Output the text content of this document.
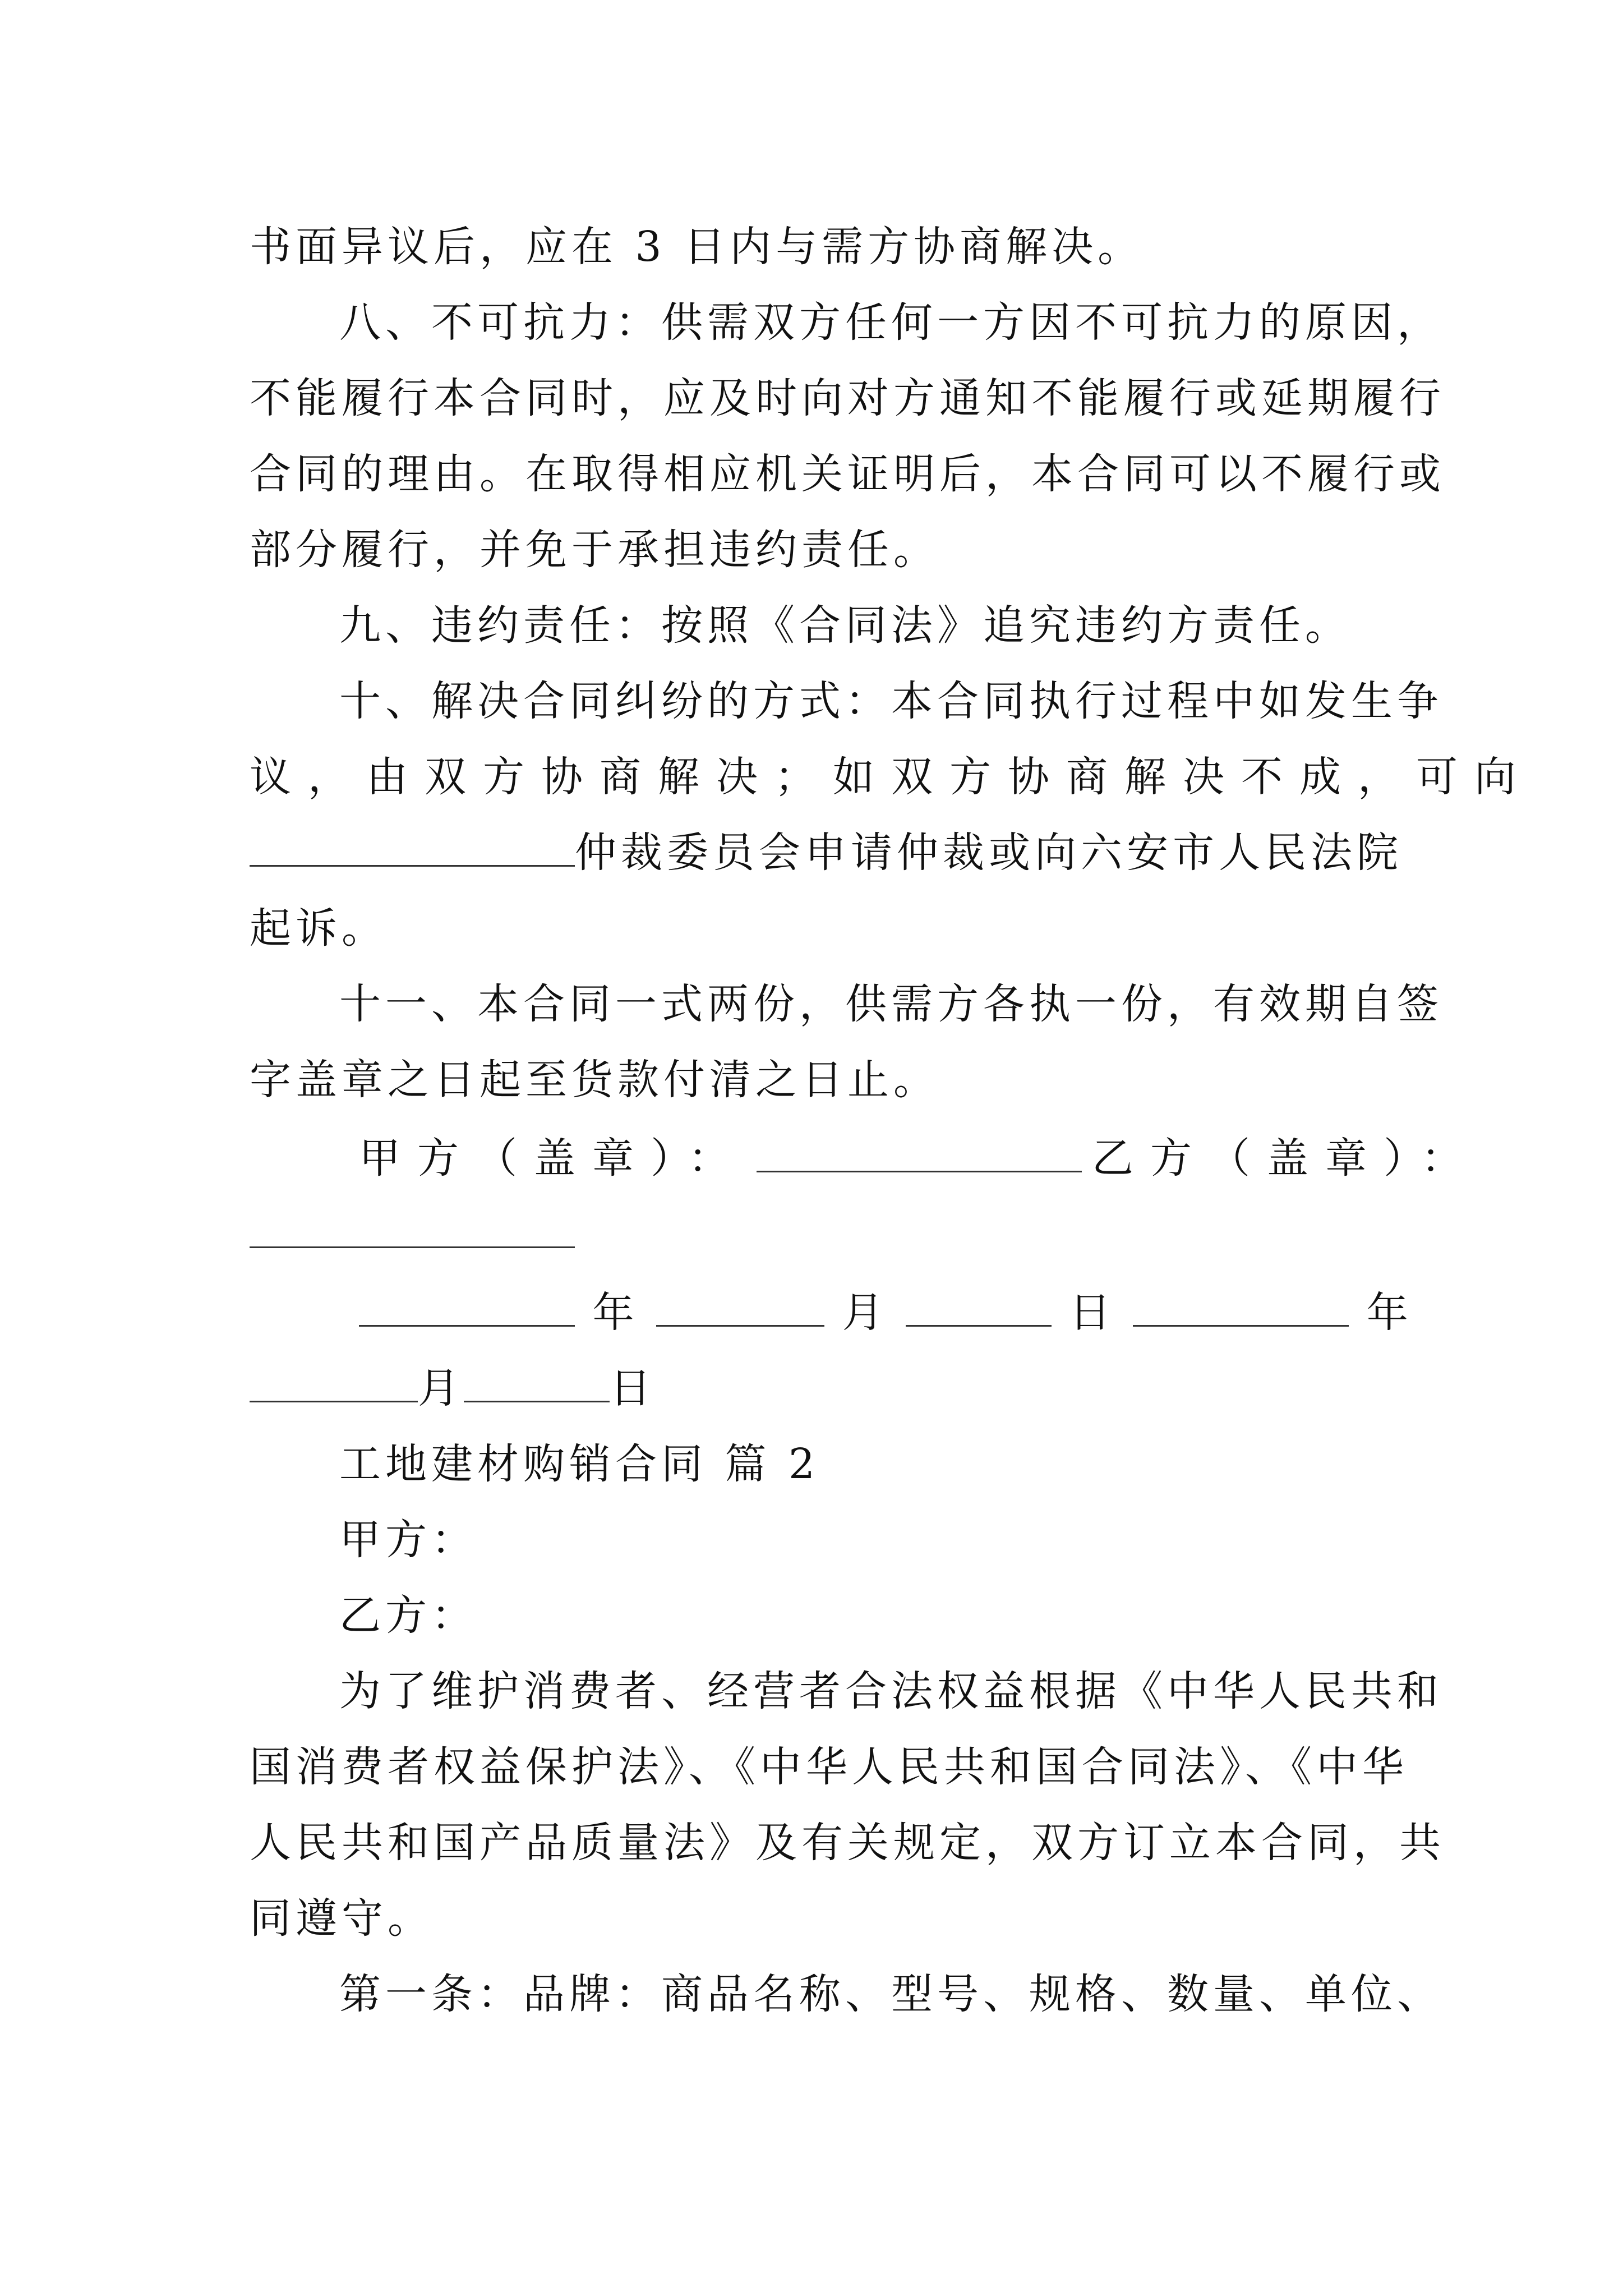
书面异议后，应在 3 日内与需方协商解决。
八、不可抗力：供需双方任何一方因不可抗力的原因，
不能履行本合同时，应及时向对方通知不能履行或延期履行
合同的理由。在取得相应机关证明后，本合同可以不履行或
部分履行，并免于承担违约责任。
九、违约责任：按照《合同法》追究违约方责任。
十、解决合同纠纷的方式：本合同执行过程中如发生争
议，由双方协商解决；如双方协商解决不成，可向
仲裁委员会申请仲裁或向六安市人民法院
起诉。
十一、本合同一式两份，供需方各执一份，有效期自签
字盖章之日起至货款付清之日止。
甲方（盖章）：	乙方（盖章）：
年	月	日	年
月	日
工地建材购销合同 篇 2
甲方：
乙方：
为了维护消费者、经营者合法权益根据《中华人民共和
国消费者权益保护法》、《中华人民共和国合同法》、《中华
人民共和国产品质量法》及有关规定，双方订立本合同，共
同遵守。
第一条：品牌：商品名称、型号、规格、数量、单位、
